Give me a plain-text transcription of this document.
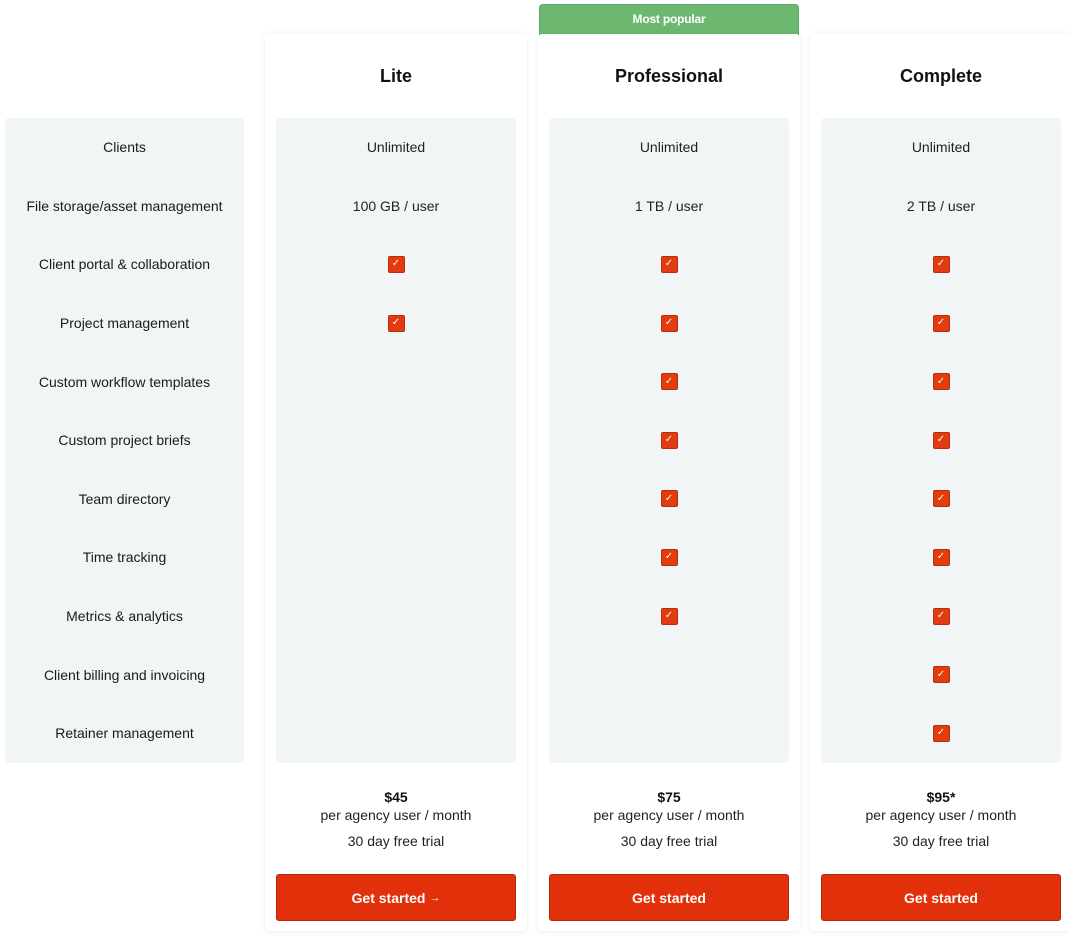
Clients
File storage/asset management
Client portal & collaboration
Project management
Custom workflow templates
Custom project briefs
Team directory
Time tracking
Metrics & analytics
Client billing and invoicing
Retainer management
Most popular
Lite
Unlimited
100 GB / user
✓
✓
$45
per agency user / month
30 day free trial
Get started →
Professional
Unlimited
1 TB / user
✓
✓
✓
✓
✓
✓
✓
$75
per agency user / month
30 day free trial
Get started
Complete
Unlimited
2 TB / user
✓
✓
✓
✓
✓
✓
✓
✓
✓
$95*
per agency user / month
30 day free trial
Get started
